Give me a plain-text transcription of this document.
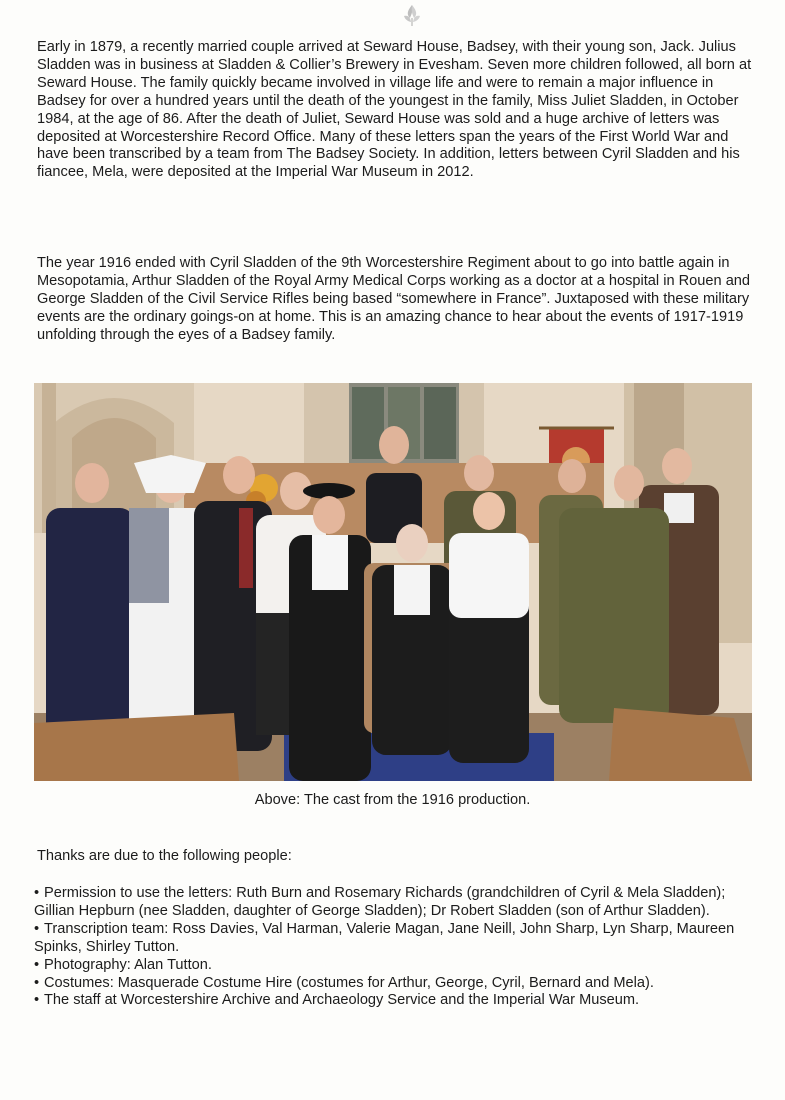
Early in 1879, a recently married couple arrived at Seward House, Badsey, with their young son, Jack. Julius Sladden was in business at Sladden & Collier’s Brewery in Evesham. Seven more children followed, all born at Seward House. The family quickly became involved in village life and were to remain a major influence in Badsey for over a hundred years until the death of the youngest in the family, Miss Juliet Sladden, in October 1984, at the age of 86. After the death of Juliet, Seward House was sold and a huge archive of letters was deposited at Worcestershire Record Office. Many of these letters span the years of the First World War and have been transcribed by a team from The Badsey Society. In addition, letters between Cyril Sladden and his fiancee, Mela, were deposited at the Imperial War Museum in 2012.

The year 1916 ended with Cyril Sladden of the 9th Worcestershire Regiment about to go into battle again in Mesopotamia, Arthur Sladden of the Royal Army Medical Corps working as a doctor at a hospital in Rouen and George Sladden of the Civil Service Rifles being based “somewhere in France”. Juxtaposed with these military events are the ordinary goings-on at home. This is an amazing chance to hear about the events of 1917-1919 unfolding through the eyes of a Badsey family.

Above: The cast from the 1916 production.

Thanks are due to the following people:

• Permission to use the letters: Ruth Burn and Rosemary Richards (grandchildren of Cyril & Mela Sladden); Gillian Hepburn (nee Sladden, daughter of George Sladden); Dr Robert Sladden (son of Arthur Sladden).
• Transcription team: Ross Davies, Val Harman, Valerie Magan, Jane Neill, John Sharp, Lyn Sharp, Maureen Spinks, Shirley Tutton.
• Photography: Alan Tutton.
• Costumes: Masquerade Costume Hire (costumes for Arthur, George, Cyril, Bernard and Mela).
• The staff at Worcestershire Archive and Archaeology Service and the Imperial War Museum.
